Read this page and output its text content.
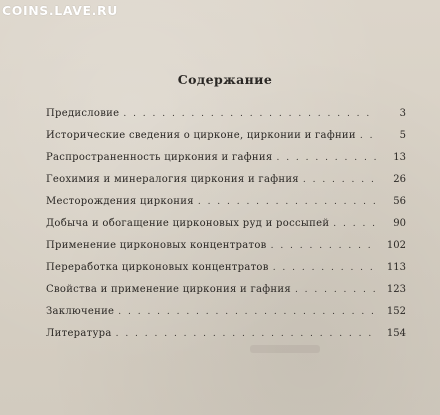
COINS.LAVE.RU
Содержание
Предисловие . . .	3
Исторические сведения о цирконе, цирконии и гафнии . . .	5
Распространенность циркония и гафния . . .	13
Геохимия и минералогия циркония и гафния . . .	26
Месторождения циркония . . .	56
Добыча и обогащение цирконовых руд и россыпей . . .	90
Применение цирконовых концентратов . . .	102
Переработка цирконовых концентратов . . .	113
Свойства и применение циркония и гафния . . .	123
Заключение . . .	152
Литература . . .	154
